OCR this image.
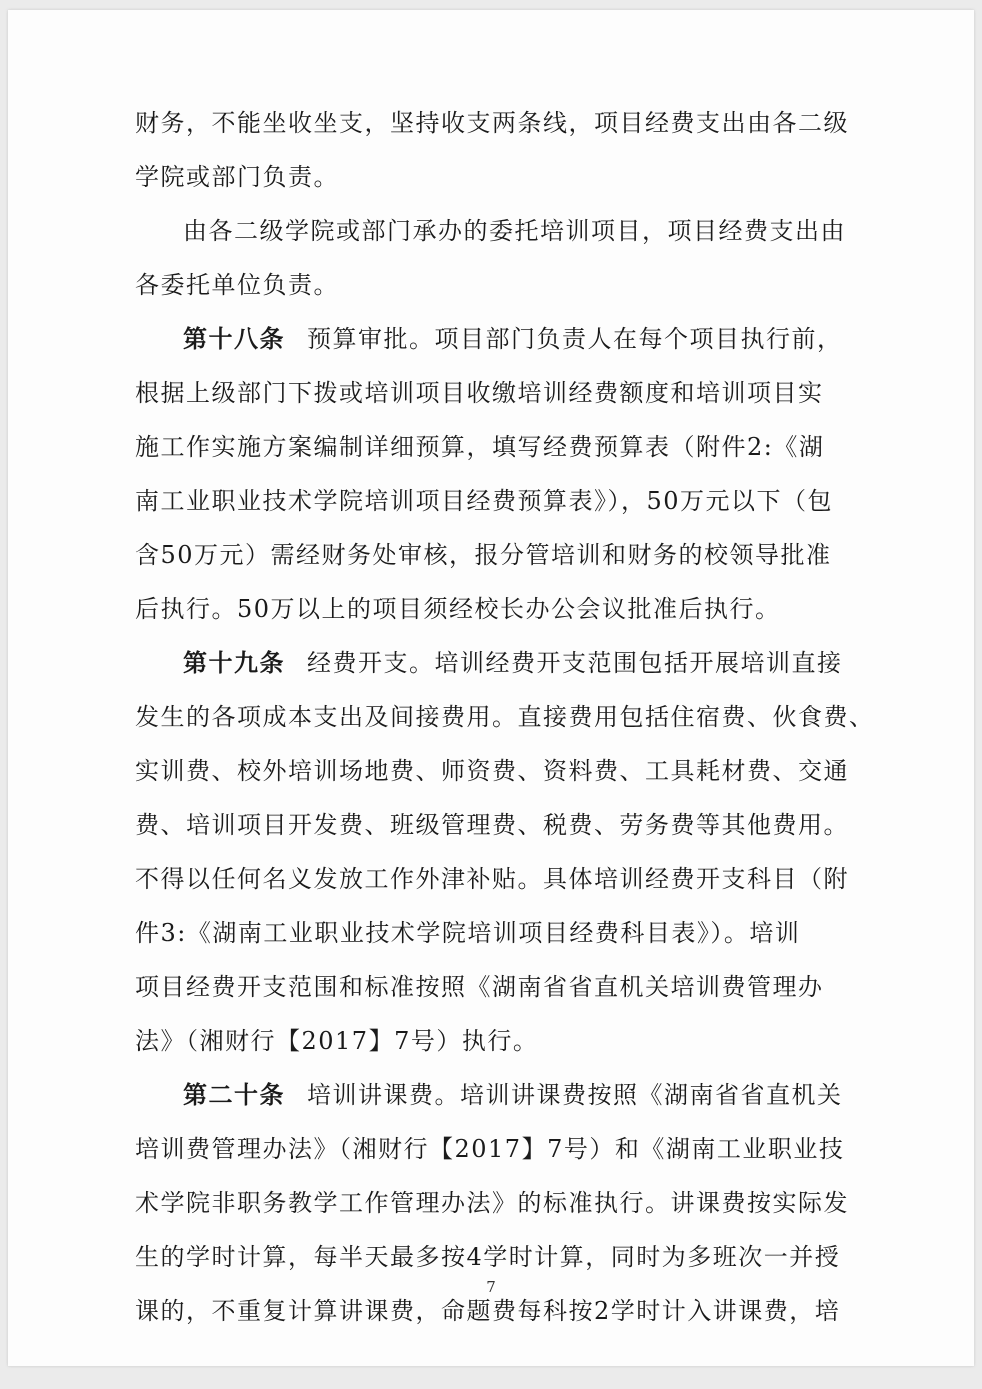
财务，不能坐收坐支，坚持收支两条线，项目经费支出由各二级
学院或部门负责。
由各二级学院或部门承办的委托培训项目，项目经费支出由
各委托单位负责。
第十八条 预算审批。项目部门负责人在每个项目执行前，
根据上级部门下拨或培训项目收缴培训经费额度和培训项目实
施工作实施方案编制详细预算，填写经费预算表（附件2:《湖
南工业职业技术学院培训项目经费预算表》），50万元以下（包
含50万元）需经财务处审核，报分管培训和财务的校领导批准
后执行。50万以上的项目须经校长办公会议批准后执行。
第十九条 经费开支。培训经费开支范围包括开展培训直接
发生的各项成本支出及间接费用。直接费用包括住宿费、伙食费、
实训费、校外培训场地费、师资费、资料费、工具耗材费、交通
费、培训项目开发费、班级管理费、税费、劳务费等其他费用。
不得以任何名义发放工作外津补贴。具体培训经费开支科目（附
件3:《湖南工业职业技术学院培训项目经费科目表》）。培训
项目经费开支范围和标准按照《湖南省省直机关培训费管理办
法》（湘财行【2017】7号）执行。
第二十条 培训讲课费。培训讲课费按照《湖南省省直机关
培训费管理办法》（湘财行【2017】7号）和《湖南工业职业技
术学院非职务教学工作管理办法》的标准执行。讲课费按实际发
生的学时计算，每半天最多按4学时计算，同时为多班次一并授
课的，不重复计算讲课费，命题费每科按2学时计入讲课费，培
7
